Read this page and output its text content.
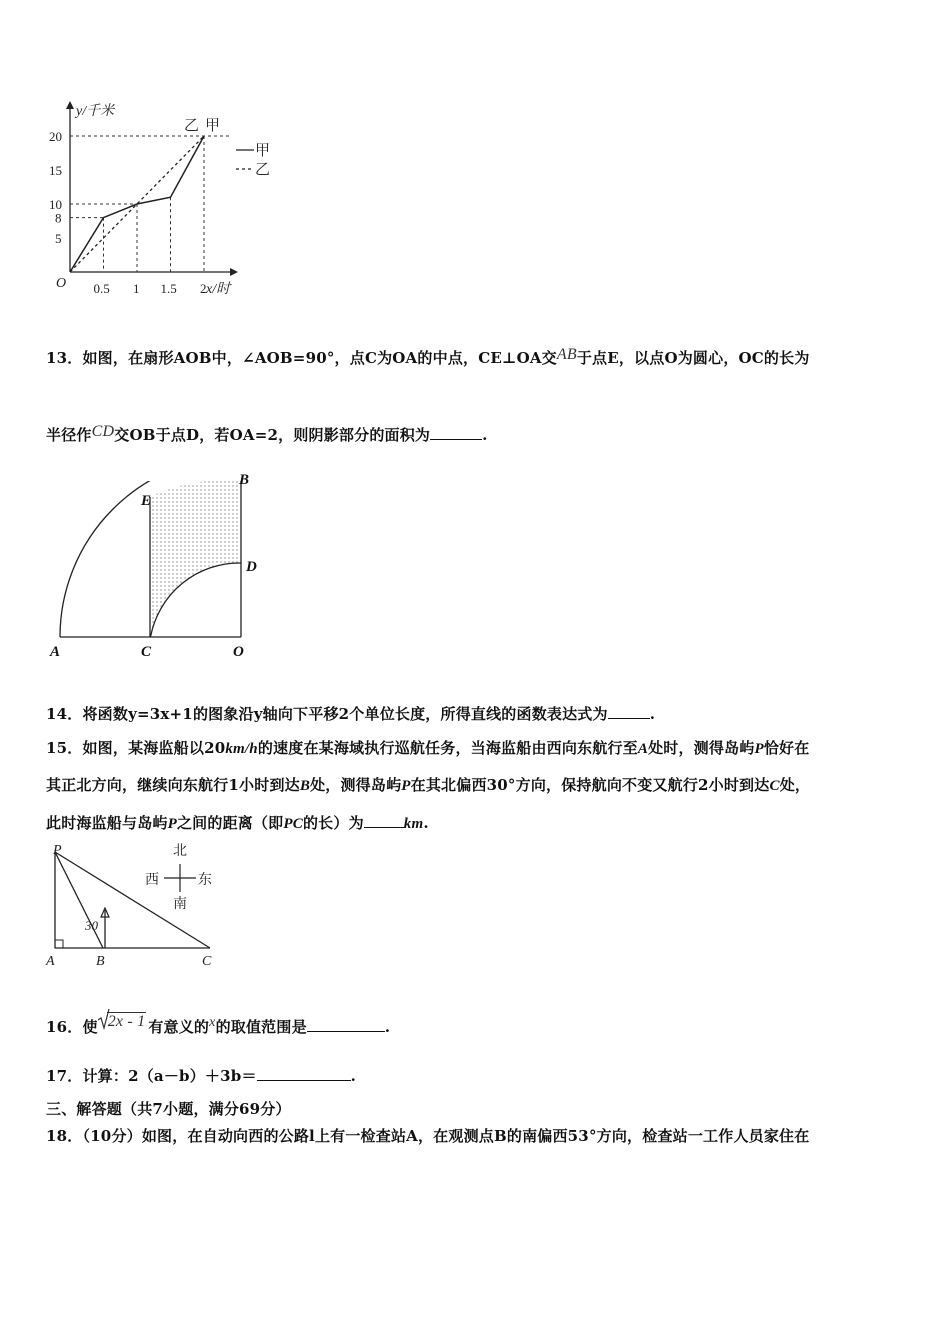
20
15
10
8
5
0.5 1 1.5 2
y/千米
x/时
O
乙 甲
甲
乙
13．如图，在扇形AOB中，∠AOB=90°，点C为OA的中点，CE⊥OA交AB于点E，以点O为圆心，OC的长为
半径作CD交OB于点D，若OA=2，则阴影部分的面积为	.
A	C	O
B
D
E
14．将函数y=3x+1的图象沿y轴向下平移2个单位长度，所得直线的函数表达式为	.
15．如图，某海监船以20km/h的速度在某海域执行巡航任务，当海监船由西向东航行至A处时，测得岛屿P恰好在
其正北方向，继续向东航行1小时到达B处，测得岛屿P在其北偏西30°方向，保持航向不变又航行2小时到达C处，
此时海监船与岛屿P之间的距离（即PC的长）为	km.
30
P
A	B	C
北
南
西	东
16．使 2x - 1 有意义的x的取值范围是	.
17．计算：2（a－b）＋3b＝	.
三、解答题（共7小题，满分69分）
18．（10分）如图，在自动向西的公路l上有一检查站A，在观测点B的南偏西53°方向，检查站一工作人员家住在
